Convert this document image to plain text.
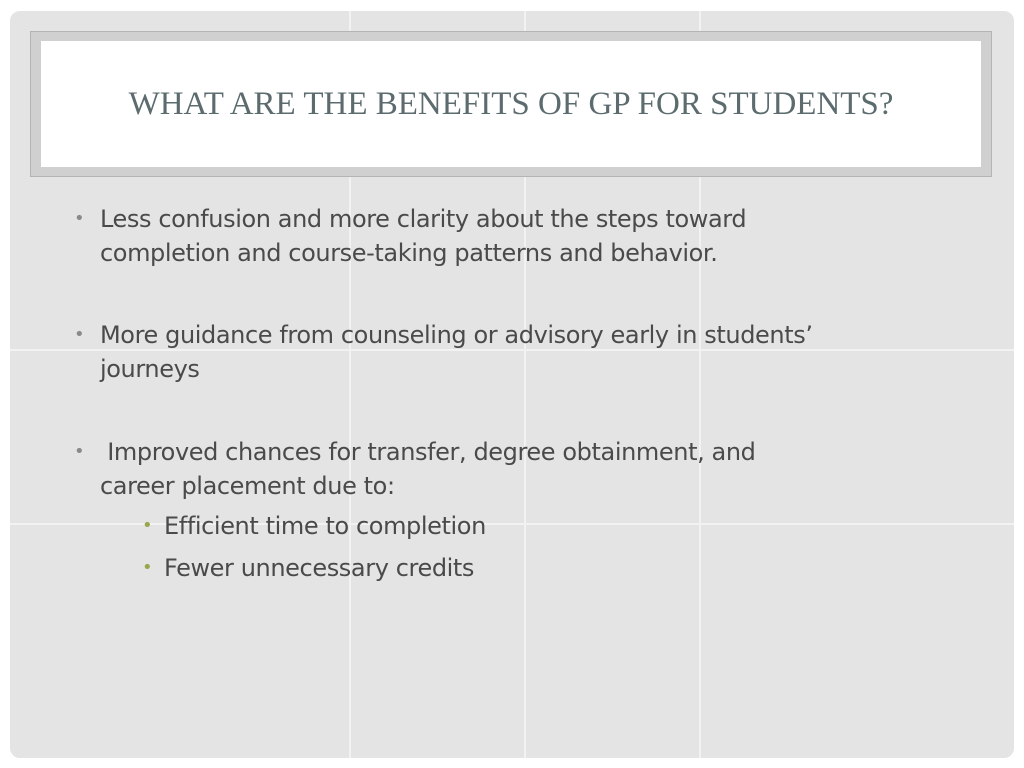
WHAT ARE THE BENEFITS OF GP FOR STUDENTS?
• Less confusion and more clarity about the steps toward
completion and course-taking patterns and behavior.
• More guidance from counseling or advisory early in students’
journeys
• Improved chances for transfer, degree obtainment, and
career placement due to:
• Efficient time to completion
• Fewer unnecessary credits
